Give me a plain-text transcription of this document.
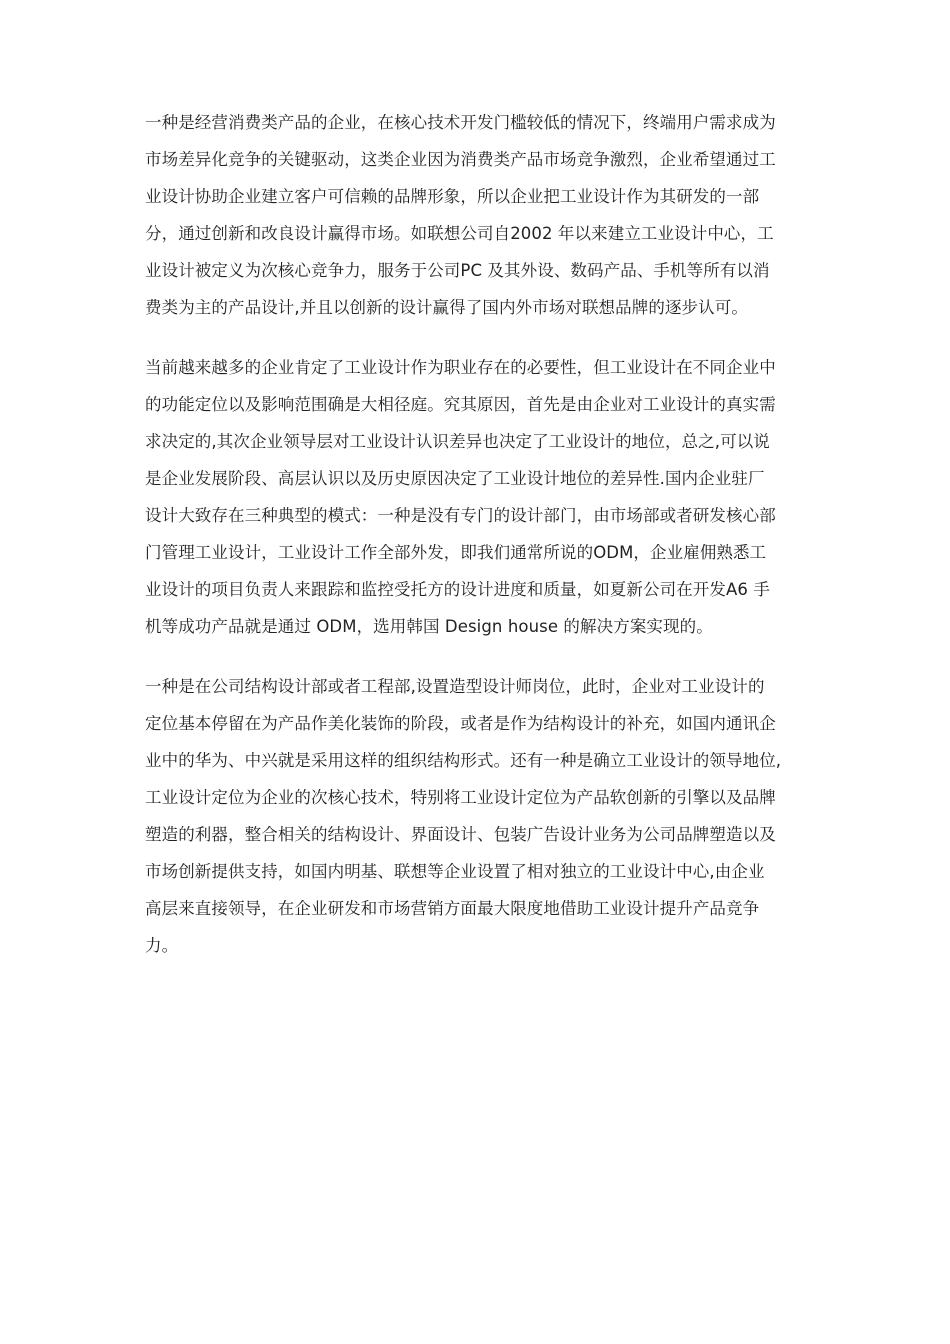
一种是经营消费类产品的企业，在核心技术开发门槛较低的情况下，终端用户需求成为
市场差异化竞争的关键驱动，这类企业因为消费类产品市场竞争激烈，企业希望通过工
业设计协助企业建立客户可信赖的品牌形象，所以企业把工业设计作为其研发的一部
分，通过创新和改良设计赢得市场。如联想公司自2002 年以来建立工业设计中心，工
业设计被定义为次核心竞争力，服务于公司PC 及其外设、数码产品、手机等所有以消
费类为主的产品设计,并且以创新的设计赢得了国内外市场对联想品牌的逐步认可。
当前越来越多的企业肯定了工业设计作为职业存在的必要性，但工业设计在不同企业中
的功能定位以及影响范围确是大相径庭。究其原因，首先是由企业对工业设计的真实需
求决定的,其次企业领导层对工业设计认识差异也决定了工业设计的地位，总之,可以说
是企业发展阶段、高层认识以及历史原因决定了工业设计地位的差异性.国内企业驻厂
设计大致存在三种典型的模式：一种是没有专门的设计部门，由市场部或者研发核心部
门管理工业设计，工业设计工作全部外发，即我们通常所说的ODM，企业雇佣熟悉工
业设计的项目负责人来跟踪和监控受托方的设计进度和质量，如夏新公司在开发A6 手
机等成功产品就是通过 ODM，选用韩国 Design house 的解决方案实现的。
一种是在公司结构设计部或者工程部,设置造型设计师岗位，此时，企业对工业设计的
定位基本停留在为产品作美化装饰的阶段，或者是作为结构设计的补充，如国内通讯企
业中的华为、中兴就是采用这样的组织结构形式。还有一种是确立工业设计的领导地位,
工业设计定位为企业的次核心技术，特别将工业设计定位为产品软创新的引擎以及品牌
塑造的利器，整合相关的结构设计、界面设计、包装广告设计业务为公司品牌塑造以及
市场创新提供支持，如国内明基、联想等企业设置了相对独立的工业设计中心,由企业
高层来直接领导，在企业研发和市场营销方面最大限度地借助工业设计提升产品竞争
力。
